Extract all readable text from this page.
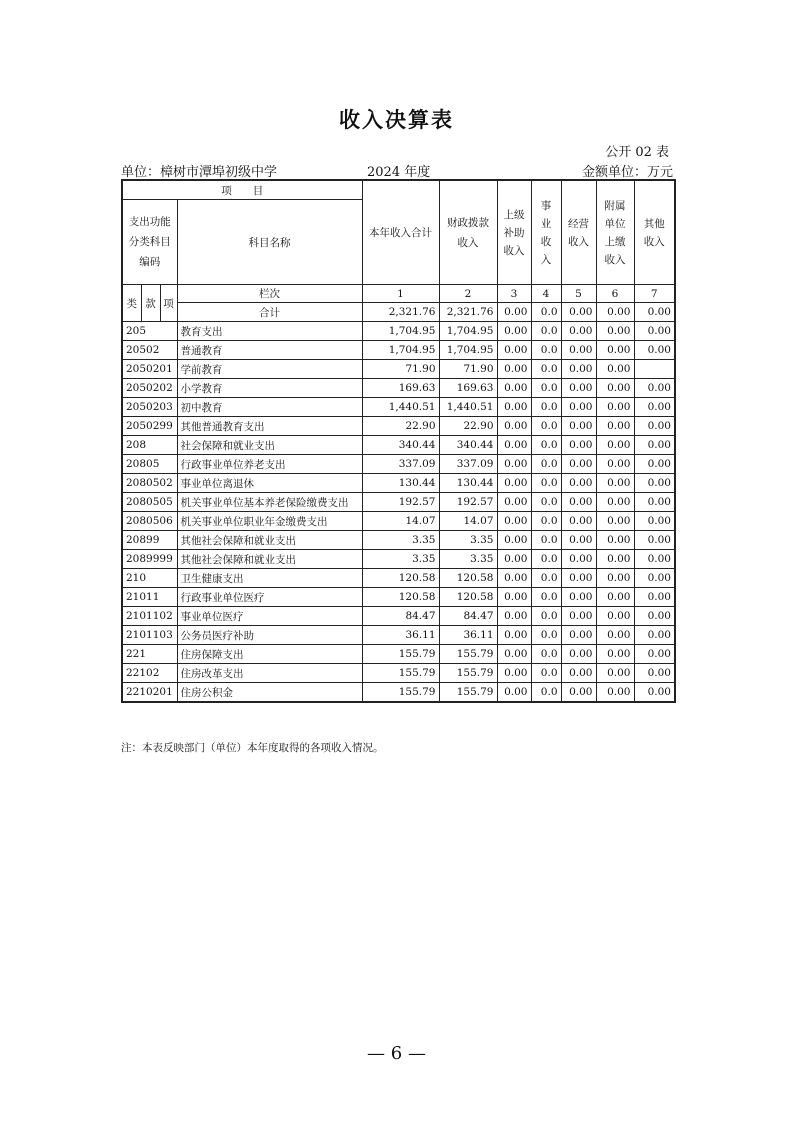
收入决算表
公开 02 表
单位：樟树市潭埠初级中学	2024 年度	金额单位：万元
项　　目				本年收入合计	财政拨款收入	上级补助收入	事业收入	经营收入	附属单位上缴收入	其他收入
支出功能分类科目编码			科目名称							
类	款	项	栏次	1	2	3	4	5	6	7
			合计	2,321.76	2,321.76	0.00	0.0	0.00	0.00	0.00
205			教育支出	1,704.95	1,704.95	0.00	0.0	0.00	0.00	0.00
20502			普通教育	1,704.95	1,704.95	0.00	0.0	0.00	0.00	0.00
2050201			学前教育	71.90	71.90	0.00	0.0	0.00	0.00	
2050202			小学教育	169.63	169.63	0.00	0.0	0.00	0.00	0.00
2050203			初中教育	1,440.51	1,440.51	0.00	0.0	0.00	0.00	0.00
2050299			其他普通教育支出	22.90	22.90	0.00	0.0	0.00	0.00	0.00
208			社会保障和就业支出	340.44	340.44	0.00	0.0	0.00	0.00	0.00
20805			行政事业单位养老支出	337.09	337.09	0.00	0.0	0.00	0.00	0.00
2080502			事业单位离退休	130.44	130.44	0.00	0.0	0.00	0.00	0.00
2080505			机关事业单位基本养老保险缴费支出	192.57	192.57	0.00	0.0	0.00	0.00	0.00
2080506			机关事业单位职业年金缴费支出	14.07	14.07	0.00	0.0	0.00	0.00	0.00
20899			其他社会保障和就业支出	3.35	3.35	0.00	0.0	0.00	0.00	0.00
2089999			其他社会保障和就业支出	3.35	3.35	0.00	0.0	0.00	0.00	0.00
210			卫生健康支出	120.58	120.58	0.00	0.0	0.00	0.00	0.00
21011			行政事业单位医疗	120.58	120.58	0.00	0.0	0.00	0.00	0.00
2101102			事业单位医疗	84.47	84.47	0.00	0.0	0.00	0.00	0.00
2101103			公务员医疗补助	36.11	36.11	0.00	0.0	0.00	0.00	0.00
221			住房保障支出	155.79	155.79	0.00	0.0	0.00	0.00	0.00
22102			住房改革支出	155.79	155.79	0.00	0.0	0.00	0.00	0.00
2210201			住房公积金	155.79	155.79	0.00	0.0	0.00	0.00	0.00
注：本表反映部门（单位）本年度取得的各项收入情况。
— 6 —
